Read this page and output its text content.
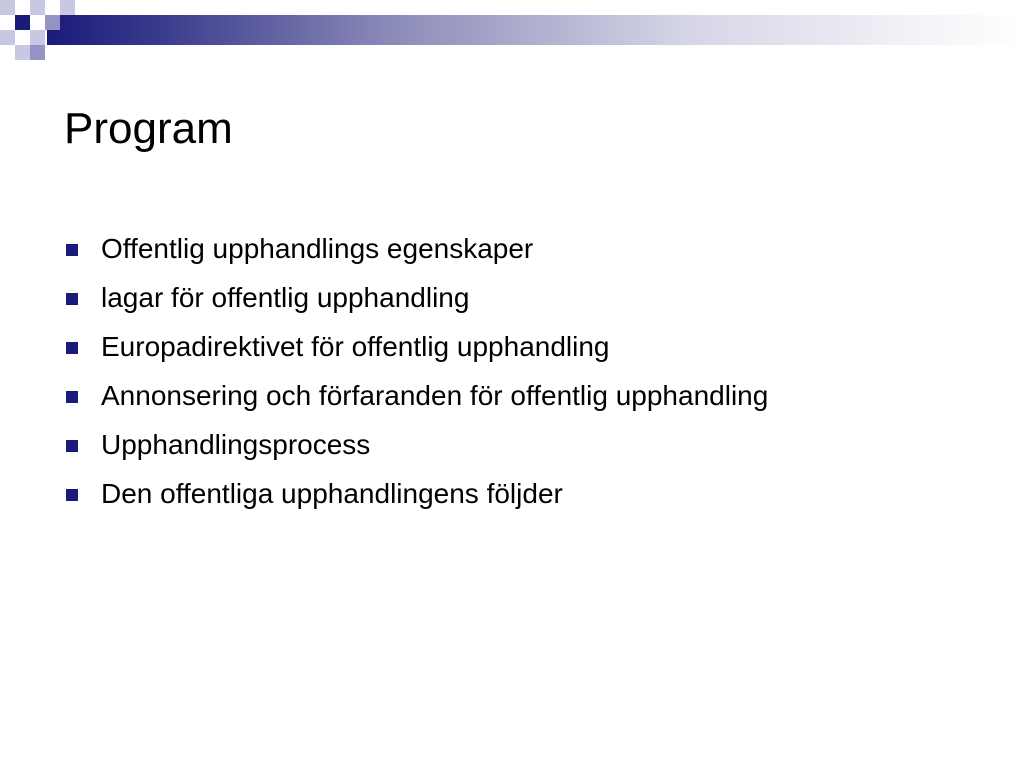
Program
Offentlig upphandlings egenskaper
lagar för offentlig upphandling
Europadirektivet för offentlig upphandling
Annonsering och förfaranden för offentlig upphandling
Upphandlingsprocess
Den offentliga upphandlingens följder
